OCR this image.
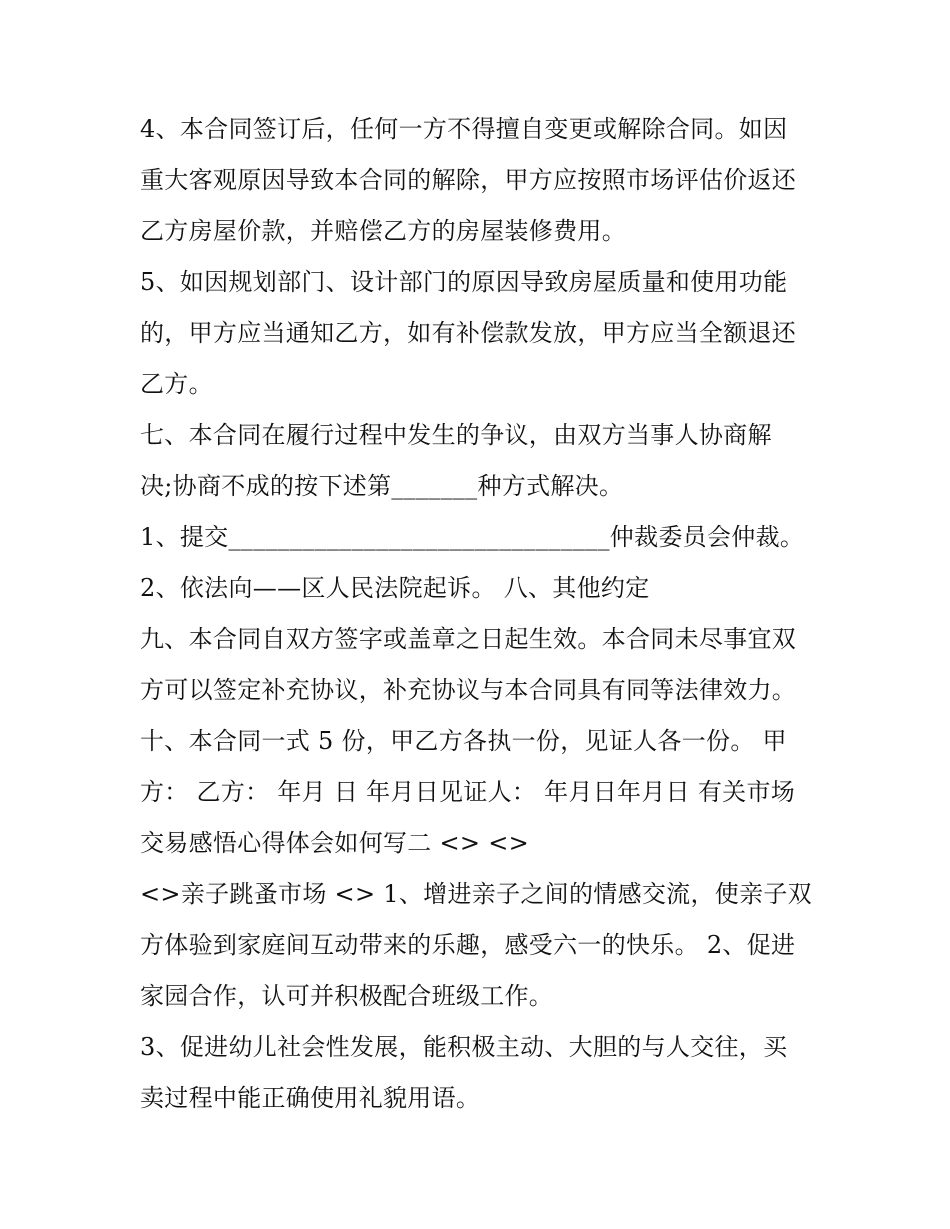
4、本合同签订后，任何一方不得擅自变更或解除合同。如因
重大客观原因导致本合同的解除，甲方应按照市场评估价返还
乙方房屋价款，并赔偿乙方的房屋装修费用。
5、如因规划部门、设计部门的原因导致房屋质量和使用功能
的，甲方应当通知乙方，如有补偿款发放，甲方应当全额退还
乙方。
七、本合同在履行过程中发生的争议，由双方当事人协商解
决;协商不成的按下述第_______种方式解决。
1、提交_______________________________仲裁委员会仲裁。
2、依法向——区人民法院起诉。 八、其他约定
九、本合同自双方签字或盖章之日起生效。本合同未尽事宜双
方可以签定补充协议，补充协议与本合同具有同等法律效力。
十、本合同一式 5 份，甲乙方各执一份，见证人各一份。 甲
方： 乙方： 年月 日 年月日见证人： 年月日年月日 有关市场
交易感悟心得体会如何写二 <> <>
<>亲子跳蚤市场 <> 1、增进亲子之间的情感交流，使亲子双
方体验到家庭间互动带来的乐趣，感受六一的快乐。 2、促进
家园合作，认可并积极配合班级工作。
3、促进幼儿社会性发展，能积极主动、大胆的与人交往，买
卖过程中能正确使用礼貌用语。
